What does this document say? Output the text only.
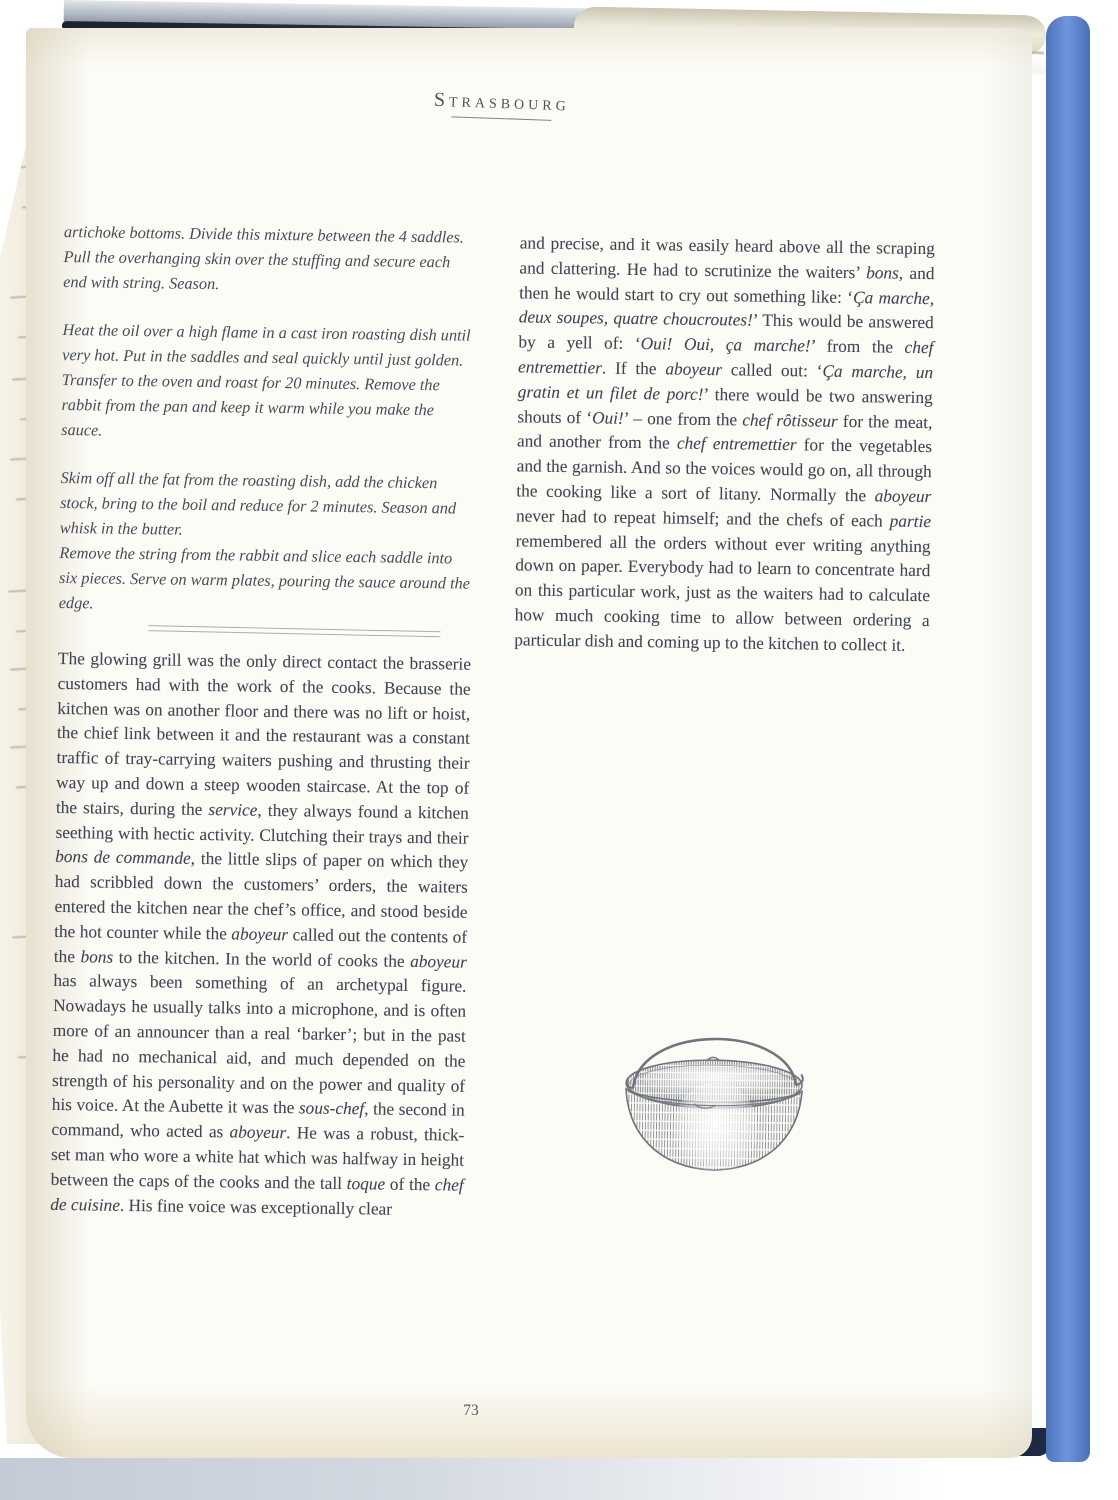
Strasbourg

artichoke bottoms. Divide this mixture between the 4 saddles. Pull the overhanging skin over the stuffing and secure each end with string. Season.

Heat the oil over a high flame in a cast iron roasting dish until very hot. Put in the saddles and seal quickly until just golden. Transfer to the oven and roast for 20 minutes. Remove the rabbit from the pan and keep it warm while you make the sauce.

Skim off all the fat from the roasting dish, add the chicken stock, bring to the boil and reduce for 2 minutes. Season and whisk in the butter.

Remove the string from the rabbit and slice each saddle into six pieces. Serve on warm plates, pouring the sauce around the edge.

The glowing grill was the only direct contact the brasserie customers had with the work of the cooks. Because the kitchen was on another floor and there was no lift or hoist, the chief link between it and the restaurant was a constant traffic of tray-carrying waiters pushing and thrusting their way up and down a steep wooden staircase. At the top of the stairs, during the service, they always found a kitchen seething with hectic activity. Clutching their trays and their bons de commande, the little slips of paper on which they had scribbled down the customers’ orders, the waiters entered the kitchen near the chef’s office, and stood beside the hot counter while the aboyeur called out the contents of the bons to the kitchen. In the world of cooks the aboyeur has always been something of an archetypal figure. Nowadays he usually talks into a microphone, and is often more of an announcer than a real ‘barker’; but in the past he had no mechanical aid, and much depended on the strength of his personality and on the power and quality of his voice. At the Aubette it was the sous-chef, the second in command, who acted as aboyeur. He was a robust, thick-set man who wore a white hat which was halfway in height between the caps of the cooks and the tall toque of the chef de cuisine. His fine voice was exceptionally clear

and precise, and it was easily heard above all the scraping and clattering. He had to scrutinize the waiters’ bons, and then he would start to cry out something like: ‘Ça marche, deux soupes, quatre choucroutes!’ This would be answered by a yell of: ‘Oui! Oui, ça marche!’ from the chef entremettier. If the aboyeur called out: ‘Ça marche, un gratin et un filet de porc!’ there would be two answering shouts of ‘Oui!’ – one from the chef rôtisseur for the meat, and another from the chef entremettier for the vegetables and the garnish. And so the voices would go on, all through the cooking like a sort of litany. Normally the aboyeur never had to repeat himself; and the chefs of each partie remembered all the orders without ever writing anything down on paper. Everybody had to learn to concentrate hard on this particular work, just as the waiters had to calculate how much cooking time to allow between ordering a particular dish and coming up to the kitchen to collect it.

73
